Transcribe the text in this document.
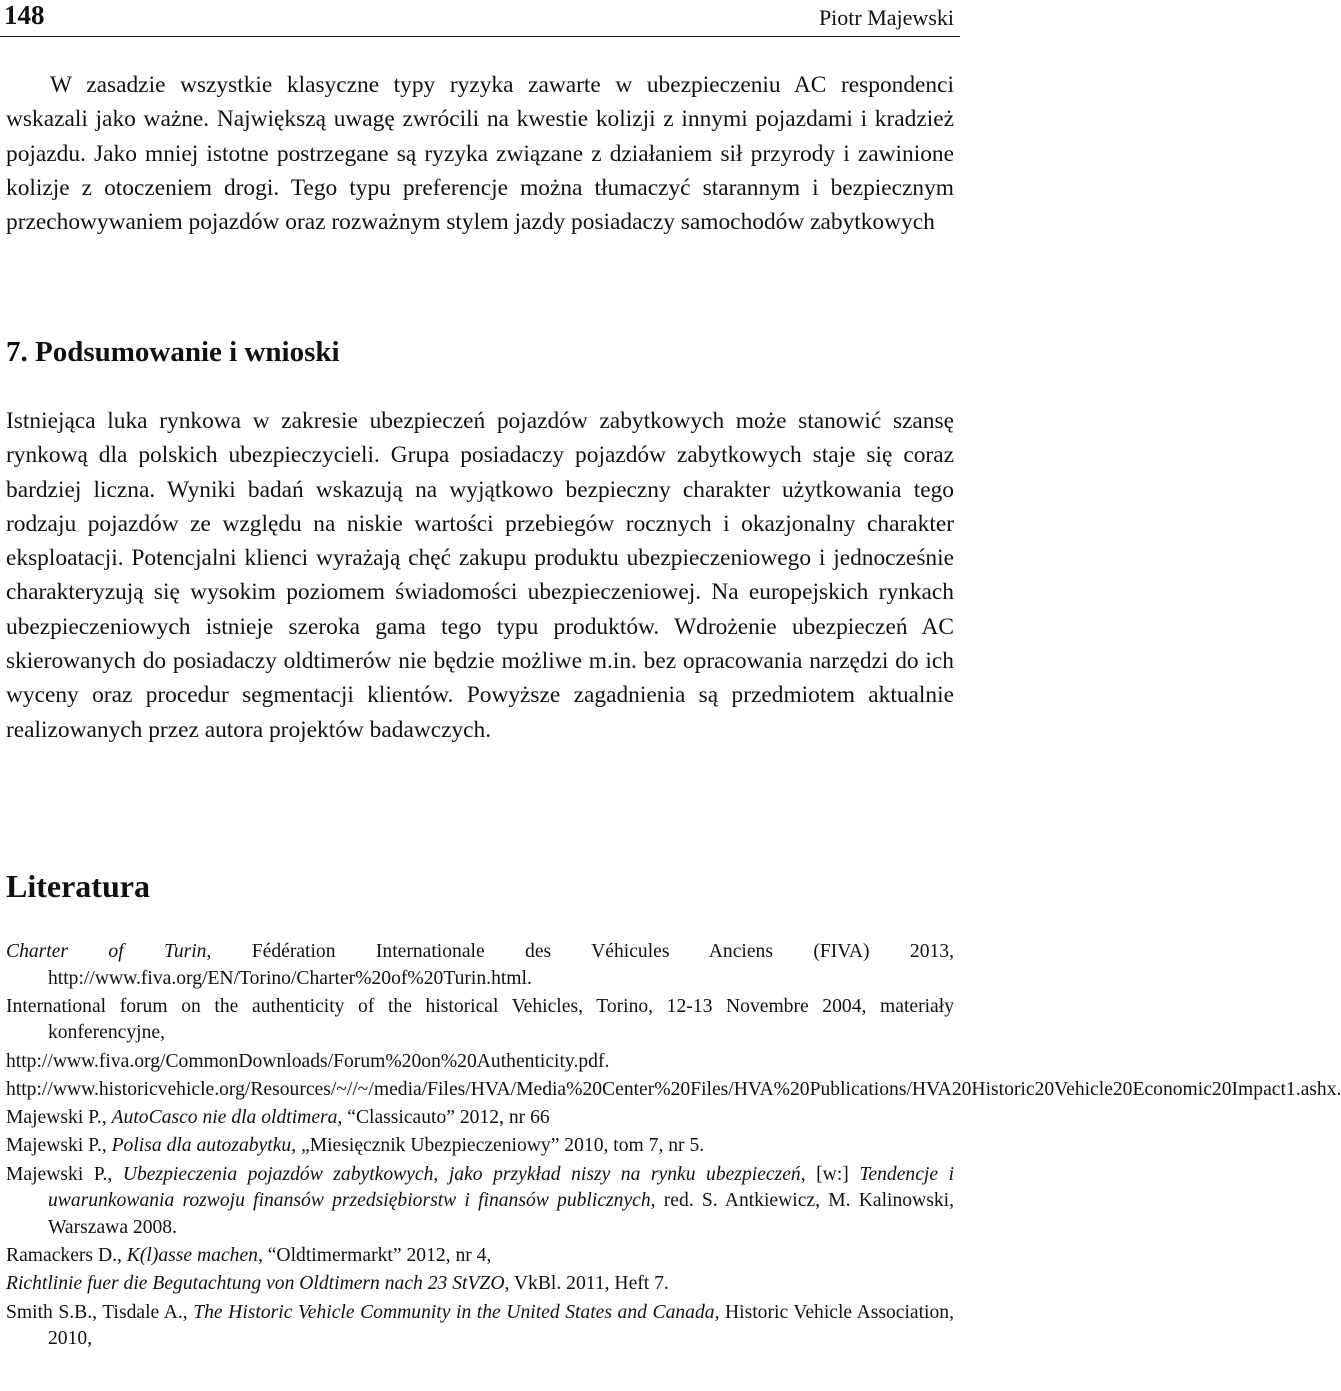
148	Piotr Majewski

W zasadzie wszystkie klasyczne typy ryzyka zawarte w ubezpieczeniu AC respondenci wskazali jako ważne. Największą uwagę zwrócili na kwestie kolizji z innymi pojazdami i kradzież pojazdu. Jako mniej istotne postrzegane są ryzyka związane z działaniem sił przyrody i zawinione kolizje z otoczeniem drogi. Tego typu preferencje można tłumaczyć starannym i bezpiecznym przechowywaniem pojazdów oraz rozważnym stylem jazdy posiadaczy samochodów zabytkowych

7. Podsumowanie i wnioski

Istniejąca luka rynkowa w zakresie ubezpieczeń pojazdów zabytkowych może stanowić szansę rynkową dla polskich ubezpieczycieli. Grupa posiadaczy pojazdów zabytkowych staje się coraz bardziej liczna. Wyniki badań wskazują na wyjątkowo bezpieczny charakter użytkowania tego rodzaju pojazdów ze względu na niskie wartości przebiegów rocznych i okazjonalny charakter eksploatacji. Potencjalni klienci wyrażają chęć zakupu produktu ubezpieczeniowego i jednocześnie charakteryzują się wysokim poziomem świadomości ubezpieczeniowej. Na europejskich rynkach ubezpieczeniowych istnieje szeroka gama tego typu produktów. Wdrożenie ubezpieczeń AC skierowanych do posiadaczy oldtimerów nie będzie możliwe m.in. bez opracowania narzędzi do ich wyceny oraz procedur segmentacji klientów. Powyższe zagadnienia są przedmiotem aktualnie realizowanych przez autora projektów badawczych.

Literatura
Charter of Turin, Fédération Internationale des Véhicules Anciens (FIVA) 2013, http://www.fiva.org/EN/Torino/Charter%20of%20Turin.html.
International forum on the authenticity of the historical Vehicles, Torino, 12-13 Novembre 2004, materiały konferencyjne,
http://www.fiva.org/CommonDownloads/Forum%20on%20Authenticity.pdf.
http://www.historicvehicle.org/Resources/~//~/media/Files/HVA/Media%20Center%20Files/HVA%20Publications/HVA20Historic20Vehicle20Economic20Impact1.ashx.
Majewski P., AutoCasco nie dla oldtimera, “Classicauto” 2012, nr 66
Majewski P., Polisa dla autozabytku, „Miesięcznik Ubezpieczeniowy” 2010, tom 7, nr 5.
Majewski P., Ubezpieczenia pojazdów zabytkowych, jako przykład niszy na rynku ubezpieczeń, [w:] Tendencje i uwarunkowania rozwoju finansów przedsiębiorstw i finansów publicznych, red. S. Antkiewicz, M. Kalinowski, Warszawa 2008.
Ramackers D., K(l)asse machen, “Oldtimermarkt” 2012, nr 4,
Richtlinie fuer die Begutachtung von Oldtimern nach 23 StVZO, VkBl. 2011, Heft 7.
Smith S.B., Tisdale A., The Historic Vehicle Community in the United States and Canada, Historic Vehicle Association, 2010,
